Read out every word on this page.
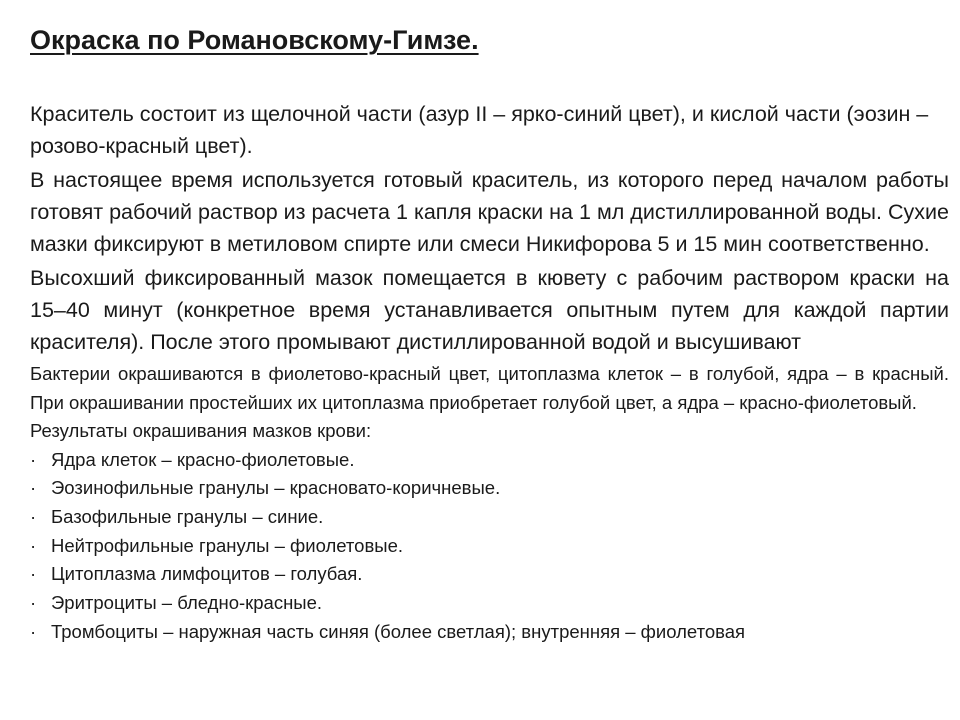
Окраска по Романовскому-Гимзе.

Краситель состоит из щелочной части (азур II – ярко-синий цвет), и кислой части (эозин – розово-красный цвет).

В настоящее время используется готовый краситель, из которого перед началом работы готовят рабочий раствор из расчета 1 капля краски на 1 мл дистиллированной воды. Сухие мазки фиксируют в метиловом спирте или смеси Никифорова 5 и 15 мин соответственно.

Высохший фиксированный мазок помещается в кювету с рабочим раствором краски на 15–40 минут (конкретное время устанавливается опытным путем для каждой партии красителя). После этого промывают дистиллированной водой и высушивают

Бактерии окрашиваются в фиолетово-красный цвет, цитоплазма клеток – в голубой, ядра – в красный. При окрашивании простейших их цитоплазма приобретает голубой цвет, а ядра – красно-фиолетовый.

Результаты окрашивания мазков крови:

· Ядра клеток – красно-фиолетовые.
· Эозинофильные гранулы – красновато-коричневые.
· Базофильные гранулы – синие.
· Нейтрофильные гранулы – фиолетовые.
· Цитоплазма лимфоцитов – голубая.
· Эритроциты – бледно-красные.
· Тромбоциты – наружная часть синяя (более светлая); внутренняя – фиолетовая
